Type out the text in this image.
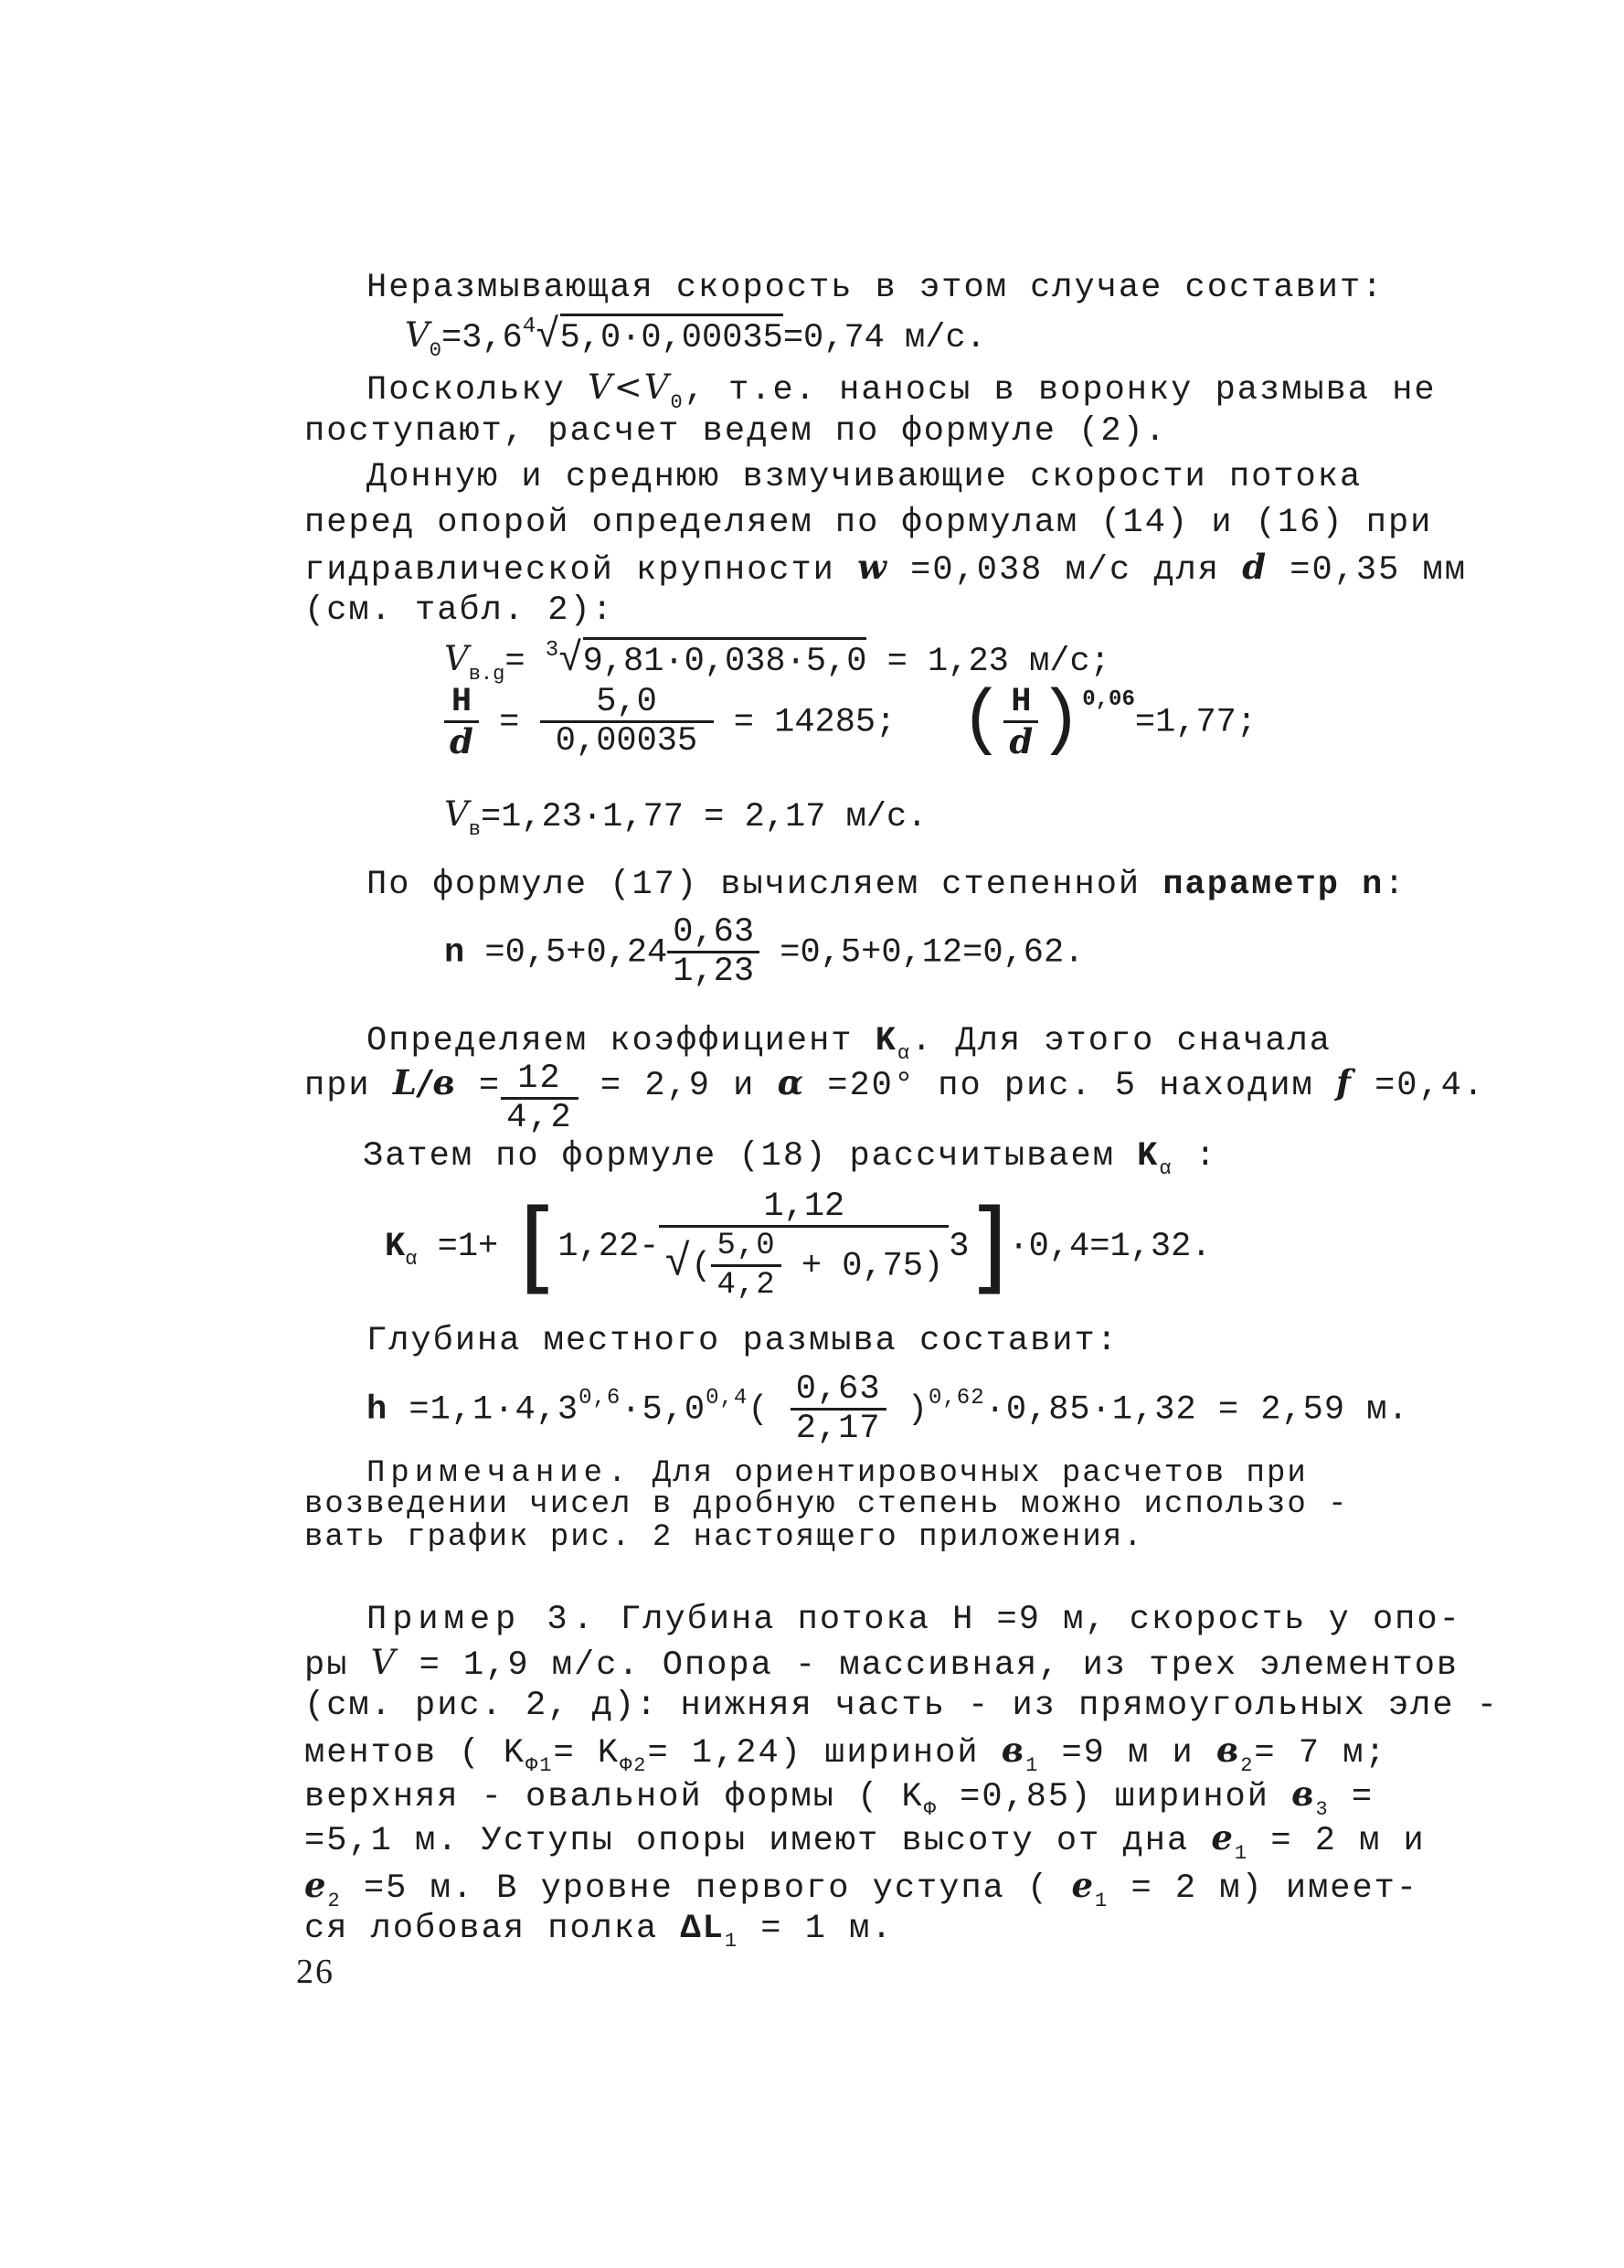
Неразмывающая скорость в этом случае составит:
$V_0=3,6^4√5,0\cdot 0,00035=0,74$ м/с.
Поскольку $V<V_0$, т.е. наносы в воронку размыва не
поступают, расчет ведем по формуле (2).
Донную и среднюю взмучивающие скорости потока
перед опорой определяем по формулам (14) и (16) при
гидравлической крупности w =0,038 м/с для d =0,35 мм
(см. табл. 2):
$V_{в.g}= ^3√9,81\cdot 0,038\cdot 5,0 = 1,23$ м/с;
$\frac{H}{d} = \frac{5,0}{0,00035} = 14285$; ( $\frac{H}{d} )^{0,06}=1,77$;
$V_в=1,23\cdot 1,77 = 2,17$ м/с.
По формуле (17) вычисляем степенной параметр n:
$n =0,5+0,24 \frac{0,63}{1,23} =0,5+0,12=0,62$.
Определяем коэффициент $K_\alpha$. Для этого сначала
при $L/в = \frac{12}{4,2} = 2,9$ и α =20° по рис. 5 находим f =0,4.
Затем по формуле (18) рассчитываем $K_\alpha$ :
$K_\alpha =1+ [1,22- \frac{1,12}{√( \frac{5,0}{4,2} + 0,75)} 3]\cdot 0,4=1,32$.
Глубина местного размыва составит:
$h =1,1\cdot 4,3^{0,6}\cdot 5,0^{0,4}( \frac{0,63}{2,17} )^{0,62}\cdot 0,85\cdot 1,32 = 2,59$ м.
Примечание. Для ориентировочных расчетов при
возведении чисел в дробную степень можно использо -
вать график рис. 2 настоящего приложения.
Пример 3. Глубина потока H =9 м, скорость у опо-
ры V = 1,9 м/с. Опора - массивная, из трех элементов
(см. рис. 2, д): нижняя часть - из прямоугольных эле -
ментов ( $K_{Ф1}= K_{Ф2}= 1,24$) шириной $в_1 =9$ м и $в_2= 7$ м;
верхняя - овальной формы ( $K_Ф =0,85$) шириной $в_3$ =
=5,1 м. Уступы опоры имеют высоту от дна $e_1 = 2$ м и
$e_2 =5$ м. В уровне первого уступа ( $e_1 = 2$ м) имеет-
ся лобовая полка $\Delta L_1 = 1$ м.
26
